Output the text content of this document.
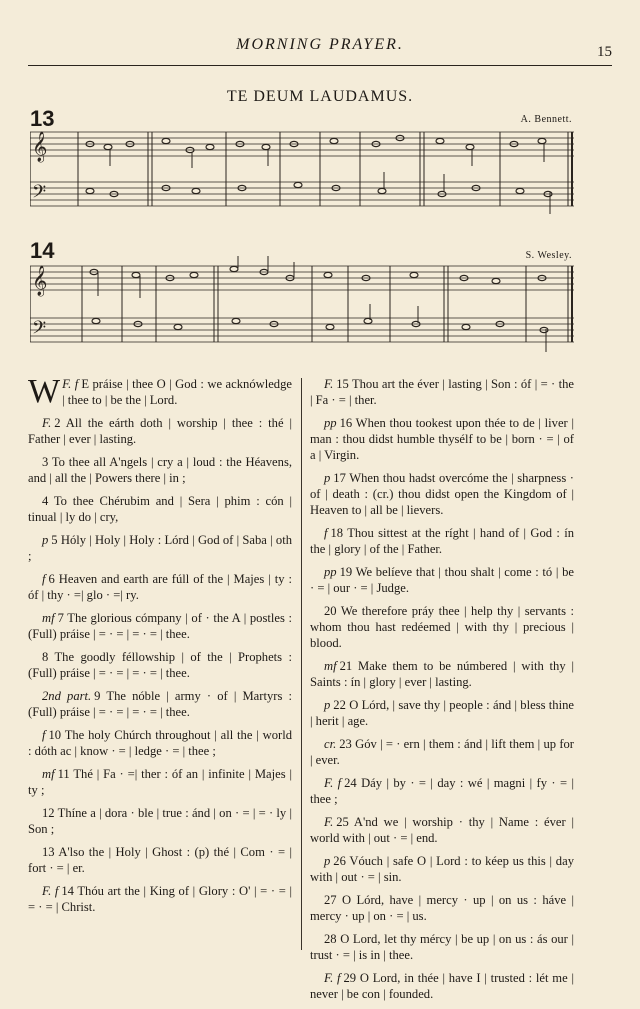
MORNING PRAYER.	15
TE DEUM LAUDAMUS.
13	A. Bennett.
𝄞
𝄢
14	S. Wesley.
𝄞
𝄢

F. f
W E práise | thee O | God : we acknówledge | thee to | be the | Lord.

F. 2 All the eárth doth | worship | thee : thé | Father | ever | lasting.

3 To thee all A'ngels | cry a | loud : the Héavens, and | all the | Powers there | in ;

4 To thee Chérubim and | Sera | phim : cón | tinual | ly do | cry,

p 5 Hóly | Holy | Holy : Lórd | God of | Saba | oth ;

f 6 Heaven and earth are fúll of the | Majes | ty : óf | thy · =| glo · =| ry.

mf 7 The glorious cómpany | of · the A | postles : (Full) práise | = · = | = · = | thee.

8 The goodly féllowship | of the | Prophets : (Full) práise | = · = | = · = | thee.

2nd part. 9 The nóble | army · of | Martyrs : (Full) práise | = · = | = · = | thee.

f 10 The holy Chúrch throughout | all the | world : dóth ac | know · = | ledge · = | thee ;

mf 11 Thé | Fa · =| ther : óf an | infinite | Majes | ty ;

12 Thíne a | dora · ble | true : ánd | on · = | = · ly | Son ;

13 A'lso the | Holy | Ghost : (p) thé | Com · = | fort · = | er.

F. f 14 Thóu art the | King of | Glory : O' | = · = | = · = | Christ.

F. 15 Thou art the éver | lasting | Son : óf | = · the | Fa · = | ther.

pp 16 When thou tookest upon thée to de | liver | man : thou didst humble thysélf to be | born · = | of a | Virgin.

p 17 When thou hadst overcóme the | sharpness · of | death : (cr.) thou didst open the Kingdom of | Heaven to | all be | lievers.

f 18 Thou sittest at the ríght | hand of | God : ín the | glory | of the | Father.

pp 19 We belíeve that | thou shalt | come : tó | be · = | our · = | Judge.

20 We therefore práy thee | help thy | servants : whom thou hast redéemed | with thy | precious | blood.

mf 21 Make them to be númbered | with thy | Saints : ín | glory | ever | lasting.

p 22 O Lórd, | save thy | people : ánd | bless thine | herit | age.

cr. 23 Góv | = · ern | them : ánd | lift them | up for | ever.

F. f 24 Dáy | by · = | day : wé | magni | fy · = | thee ;

F. 25 A'nd we | worship · thy | Name : éver | world with | out · = | end.

p 26 Vóuch | safe O | Lord : to kéep us this | day with | out · = | sin.

27 O Lórd, have | mercy · up | on us : háve | mercy · up | on · = | us.

28 O Lord, let thy mércy | be up | on us : ás our | trust · = | is in | thee.

F. f 29 O Lord, in thée | have I | trusted : lét me | never | be con | founded.
